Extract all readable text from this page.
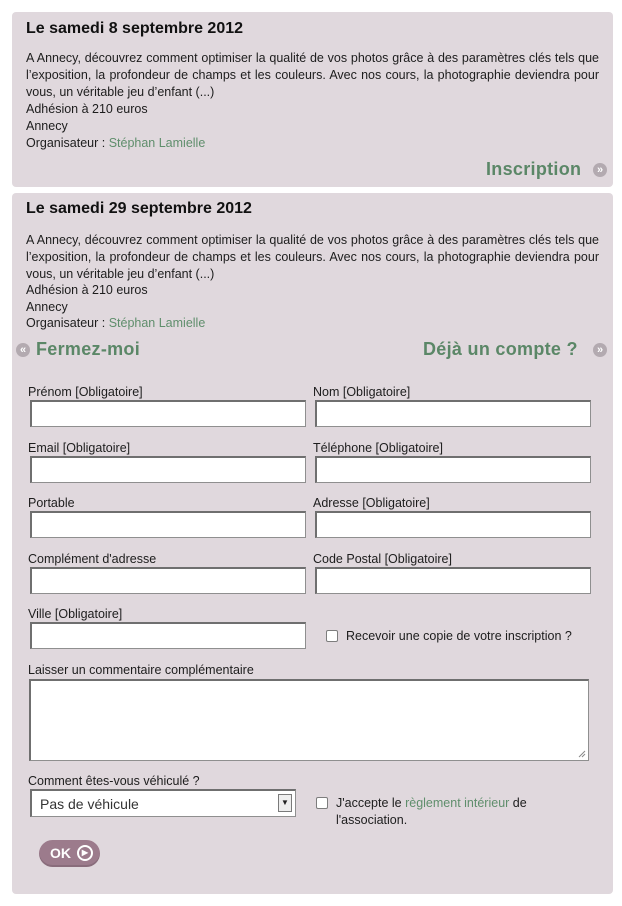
Le samedi 8 septembre 2012
A Annecy, découvrez comment optimiser la qualité de vos photos grâce à des paramètres clés tels que l’exposition, la profondeur de champs et les couleurs. Avec nos cours, la photographie deviendra pour vous, un véritable jeu d’enfant (...)
Adhésion à 210 euros
Annecy
Organisateur : Stéphan Lamielle
Inscription	»
Le samedi 29 septembre 2012
A Annecy, découvrez comment optimiser la qualité de vos photos grâce à des paramètres clés tels que l’exposition, la profondeur de champs et les couleurs. Avec nos cours, la photographie deviendra pour vous, un véritable jeu d’enfant (...)
Adhésion à 210 euros
Annecy
Organisateur : Stéphan Lamielle
« Fermez-moi	Déjà un compte ?	»
Prénom [Obligatoire]	Nom [Obligatoire]
Email [Obligatoire]	Téléphone [Obligatoire]
Portable	Adresse [Obligatoire]
Complément d'adresse	Code Postal [Obligatoire]
Ville [Obligatoire]
Recevoir une copie de votre inscription ?
Laisser un commentaire complémentaire
Comment êtes-vous véhiculé ?
Pas de véhicule	▼	J'accepte le règlement intérieur de
l'association.
OK	▶
